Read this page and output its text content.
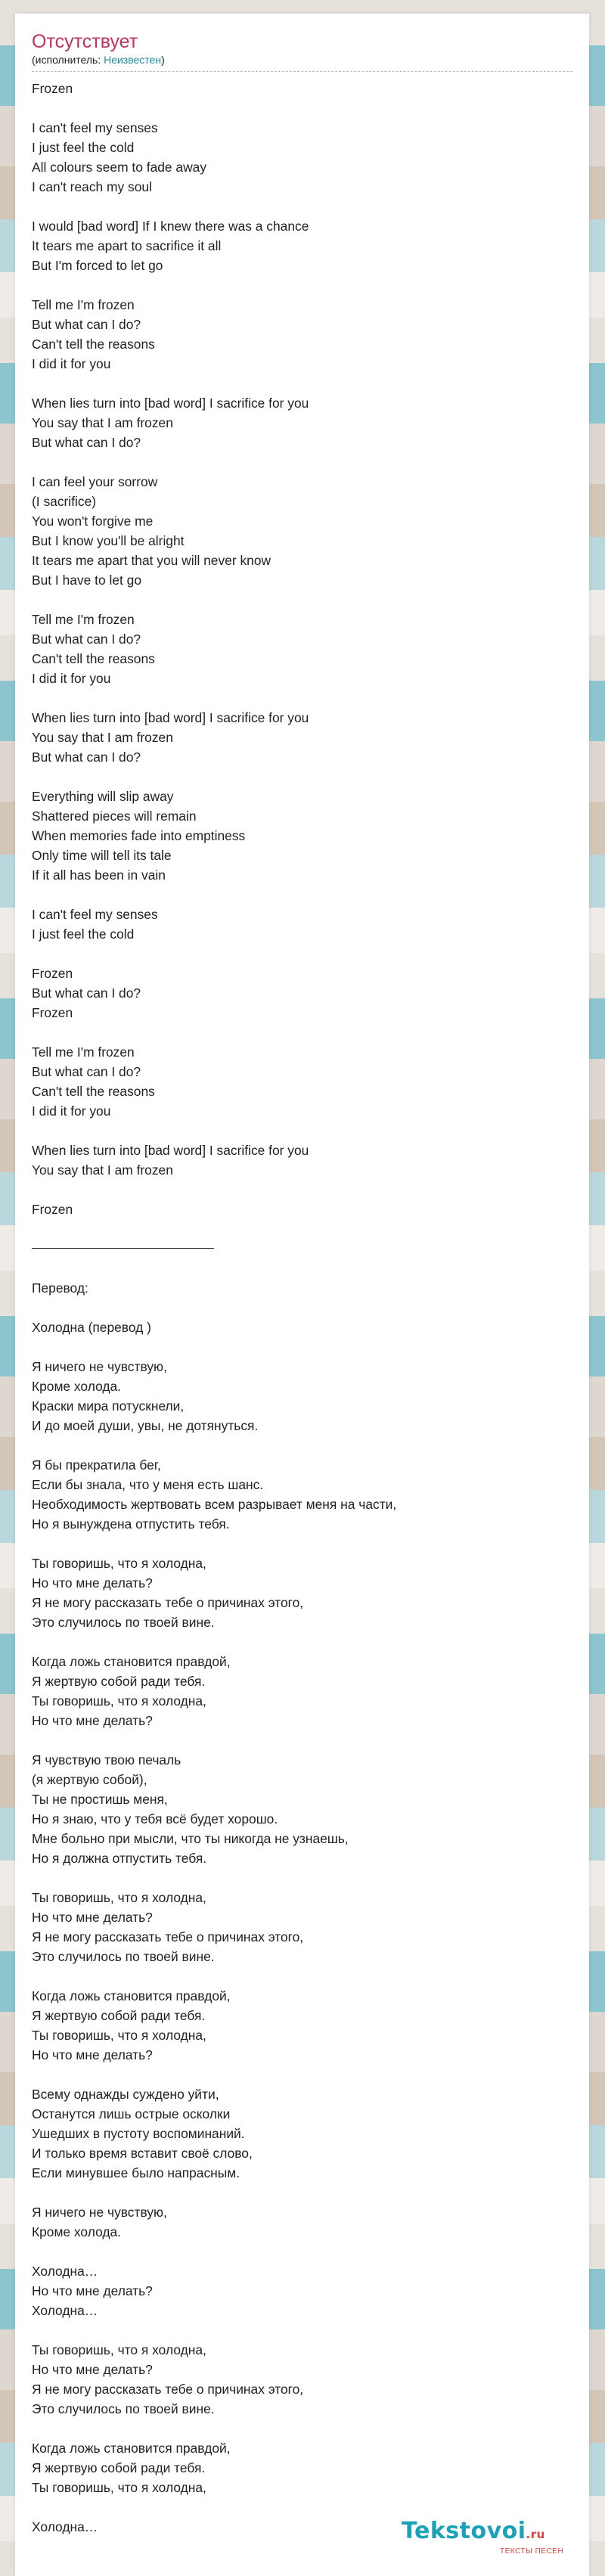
Отсутствует
(исполнитель: Неизвестен)
Frozen
I can't feel my senses
I just feel the cold
All colours seem to fade away
I can't reach my soul
I would [bad word] If I knew there was a chance
It tears me apart to sacrifice it all
But I'm forced to let go
Tell me I'm frozen
But what can I do?
Can't tell the reasons
I did it for you
When lies turn into [bad word] I sacrifice for you
You say that I am frozen
But what can I do?
I can feel your sorrow
(I sacrifice)
You won't forgive me
But I know you'll be alright
It tears me apart that you will never know
But I have to let go
Tell me I'm frozen
But what can I do?
Can't tell the reasons
I did it for you
When lies turn into [bad word] I sacrifice for you
You say that I am frozen
But what can I do?
Everything will slip away
Shattered pieces will remain
When memories fade into emptiness
Only time will tell its tale
If it all has been in vain
I can't feel my senses
I just feel the cold
Frozen
But what can I do?
Frozen
Tell me I'm frozen
But what can I do?
Can't tell the reasons
I did it for you
When lies turn into [bad word] I sacrifice for you
You say that I am frozen
Frozen
Перевод:
Холодна (перевод )
Я ничего не чувствую,
Кроме холода.
Краски мира потускнели,
И до моей души, увы, не дотянуться.
Я бы прекратила бег,
Если бы знала, что у меня есть шанс.
Необходимость жертвовать всем разрывает меня на части,
Но я вынуждена отпустить тебя.
Ты говоришь, что я холодна,
Но что мне делать?
Я не могу рассказать тебе о причинах этого,
Это случилось по твоей вине.
Когда ложь становится правдой,
Я жертвую собой ради тебя.
Ты говоришь, что я холодна,
Но что мне делать?
Я чувствую твою печаль
(я жертвую собой),
Ты не простишь меня,
Но я знаю, что у тебя всё будет хорошо.
Мне больно при мысли, что ты никогда не узнаешь,
Но я должна отпустить тебя.
Ты говоришь, что я холодна,
Но что мне делать?
Я не могу рассказать тебе о причинах этого,
Это случилось по твоей вине.
Когда ложь становится правдой,
Я жертвую собой ради тебя.
Ты говоришь, что я холодна,
Но что мне делать?
Всему однажды суждено уйти,
Останутся лишь острые осколки
Ушедших в пустоту воспоминаний.
И только время вставит своё слово,
Если минувшее было напрасным.
Я ничего не чувствую,
Кроме холода.
Холодна…
Но что мне делать?
Холодна…
Ты говоришь, что я холодна,
Но что мне делать?
Я не могу рассказать тебе о причинах этого,
Это случилось по твоей вине.
Когда ложь становится правдой,
Я жертвую собой ради тебя.
Ты говоришь, что я холодна,
Холодна…	Tekstovoi.ru
ТЕКСТЫ ПЕСЕН
